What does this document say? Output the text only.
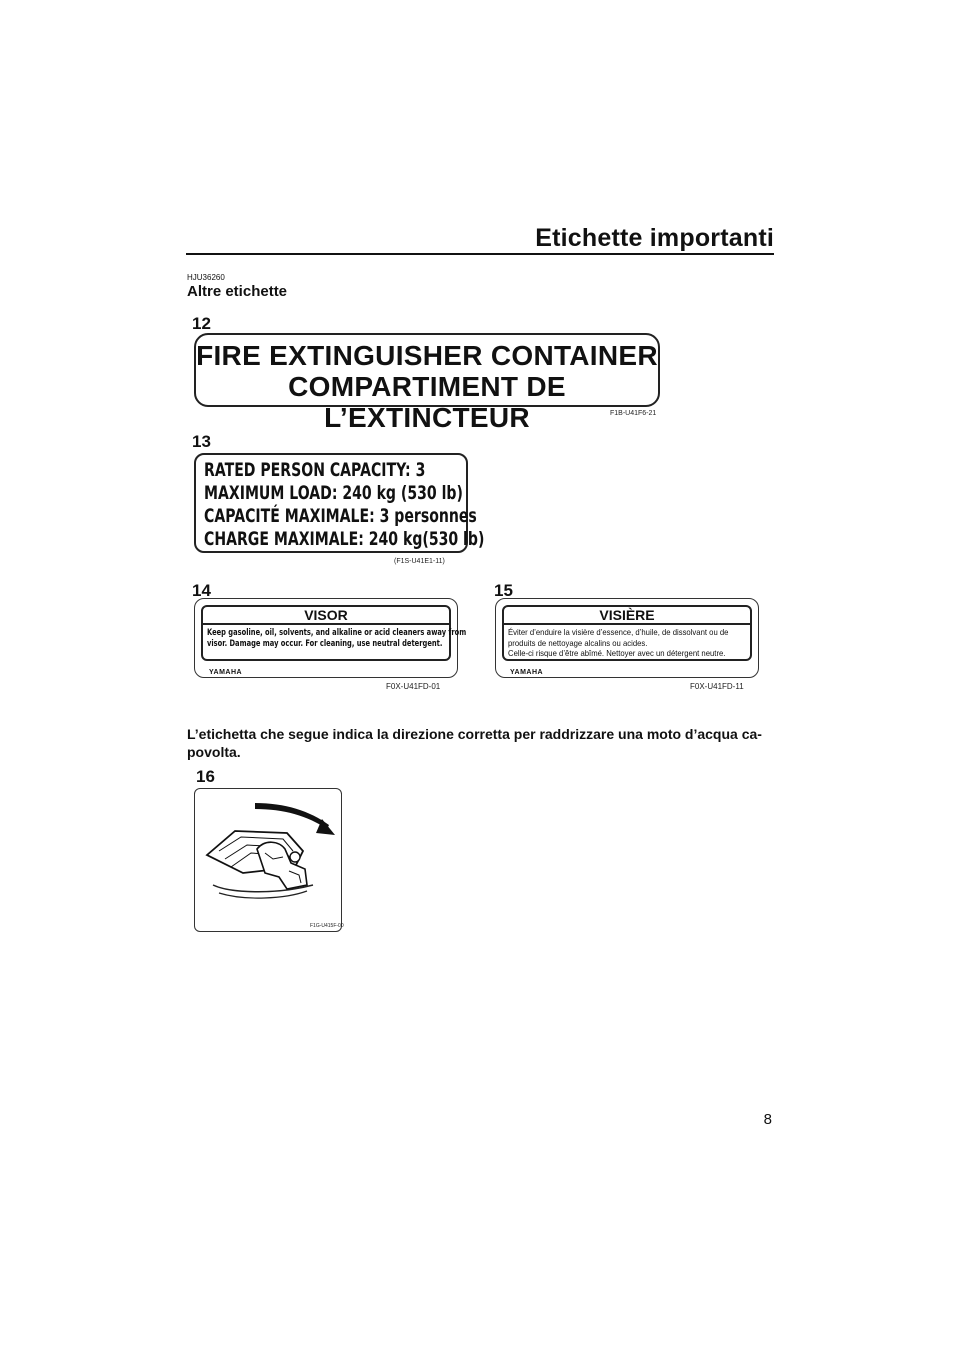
Etichette importanti
HJU36260
Altre etichette
12
FIRE EXTINGUISHER CONTAINER
COMPARTIMENT DE L’EXTINCTEUR	F1B-U41F6-21
13
RATED PERSON CAPACITY: 3
MAXIMUM LOAD: 240 kg (530 lb)
CAPACITÉ MAXIMALE: 3 personnes
CHARGE MAXIMALE: 240 kg(530 lb)
(F1S-U41E1-11)
14
VISOR
Keep gasoline, oil, solvents, and alkaline or acid cleaners away from
visor. Damage may occur. For cleaning, use neutral detergent.
YAMAHA
F0X-U41FD-01
15
VISIÈRE
Éviter d’enduire la visière d’essence, d’huile, de dissolvant ou de
produits de nettoyage alcalins ou acides.
Celle-ci risque d’être abîmé. Nettoyer avec un détergent neutre.
YAMAHA
F0X-U41FD-11
L’etichetta che segue indica la direzione corretta per raddrizzare una moto d’acqua ca-povolta.
16
F1G-U415F-00
8
